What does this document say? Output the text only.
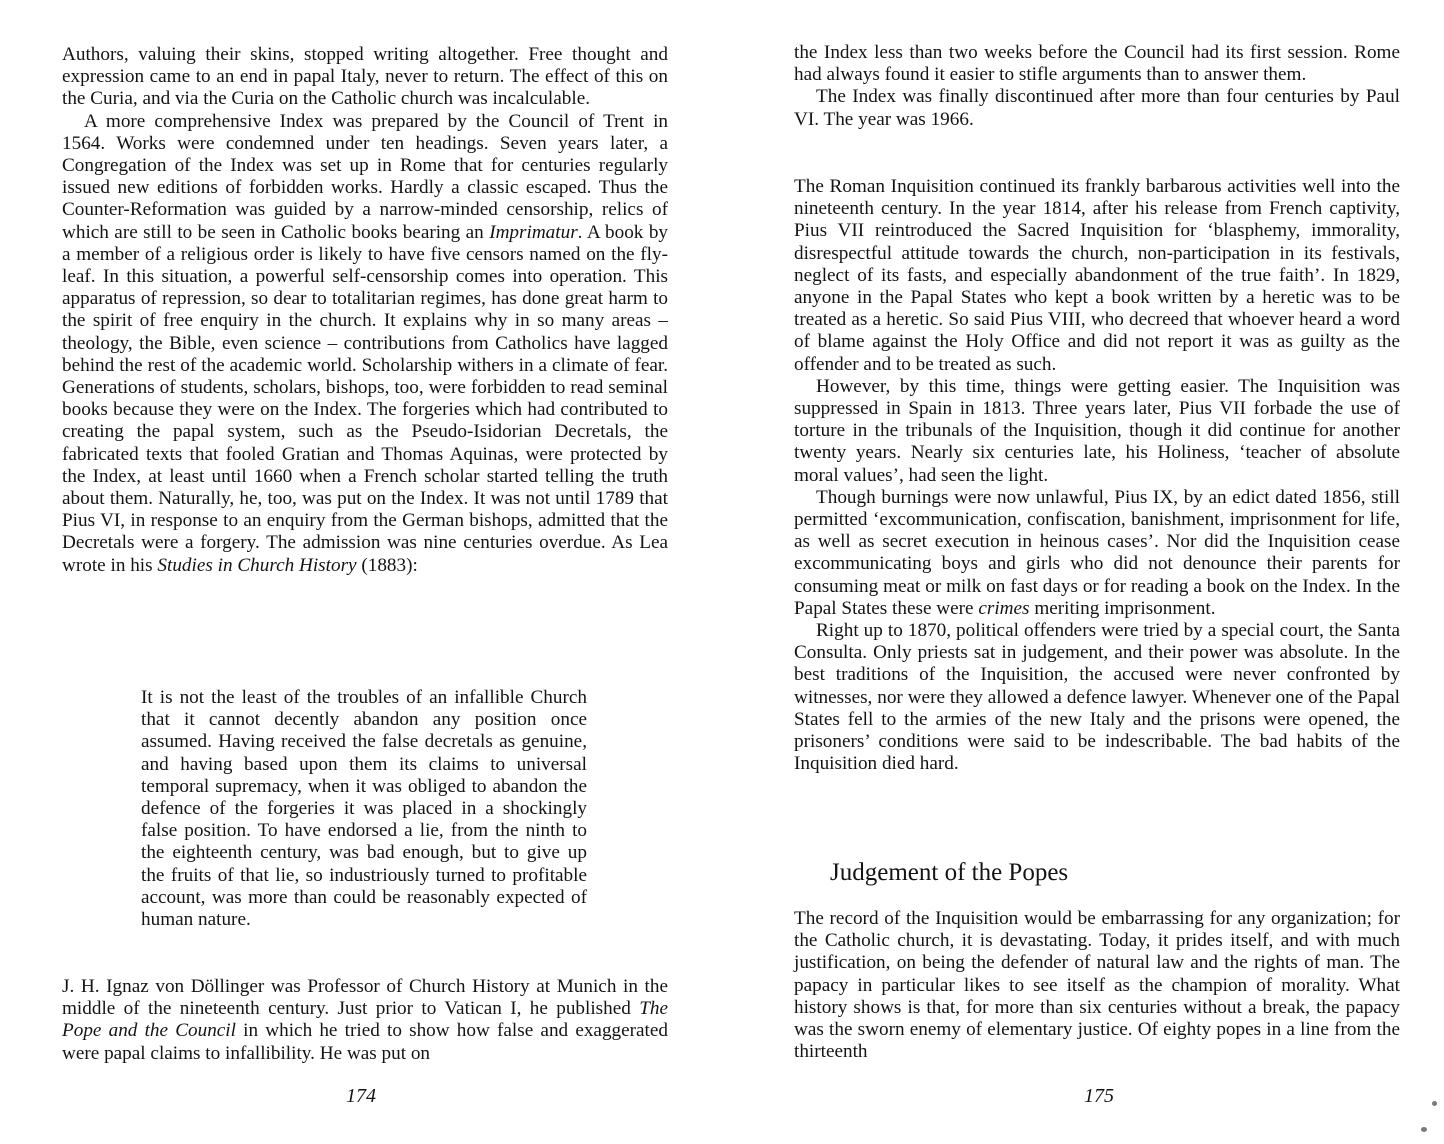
Authors, valuing their skins, stopped writing altogether. Free thought and expression came to an end in papal Italy, never to return. The effect of this on the Curia, and via the Curia on the Catholic church was incalculable.

A more comprehensive Index was prepared by the Council of Trent in 1564. Works were condemned under ten headings. Seven years later, a Congregation of the Index was set up in Rome that for centuries regularly issued new editions of forbidden works. Hardly a classic escaped. Thus the Counter-Reformation was guided by a narrow-minded censorship, relics of which are still to be seen in Catholic books bearing an Imprimatur. A book by a member of a religious order is likely to have five censors named on the fly-leaf. In this situation, a powerful self-censorship comes into operation. This apparatus of repression, so dear to totalitarian regimes, has done great harm to the spirit of free enquiry in the church. It explains why in so many areas – theology, the Bible, even science – contributions from Catholics have lagged behind the rest of the academic world. Scholarship withers in a climate of fear. Generations of students, scholars, bishops, too, were forbidden to read seminal books because they were on the Index. The forgeries which had contributed to creating the papal system, such as the Pseudo-Isidorian Decretals, the fabricated texts that fooled Gratian and Thomas Aquinas, were protected by the Index, at least until 1660 when a French scholar started telling the truth about them. Naturally, he, too, was put on the Index. It was not until 1789 that Pius VI, in response to an enquiry from the German bishops, admitted that the Decretals were a forgery. The admission was nine centuries overdue. As Lea wrote in his Studies in Church History (1883):

It is not the least of the troubles of an infallible Church that it cannot decently abandon any position once assumed. Having received the false decretals as genuine, and having based upon them its claims to universal temporal supremacy, when it was obliged to abandon the defence of the forgeries it was placed in a shockingly false position. To have endorsed a lie, from the ninth to the eighteenth century, was bad enough, but to give up the fruits of that lie, so industriously turned to profitable account, was more than could be reasonably expected of human nature.

J. H. Ignaz von Döllinger was Professor of Church History at Munich in the middle of the nineteenth century. Just prior to Vatican I, he published The Pope and the Council in which he tried to show how false and exaggerated were papal claims to infallibility. He was put on

174

the Index less than two weeks before the Council had its first session. Rome had always found it easier to stifle arguments than to answer them.

The Index was finally discontinued after more than four centuries by Paul VI. The year was 1966.

The Roman Inquisition continued its frankly barbarous activities well into the nineteenth century. In the year 1814, after his release from French captivity, Pius VII reintroduced the Sacred Inquisition for ‘blasphemy, immorality, disrespectful attitude towards the church, non-participation in its festivals, neglect of its fasts, and especially abandonment of the true faith’. In 1829, anyone in the Papal States who kept a book written by a heretic was to be treated as a heretic. So said Pius VIII, who decreed that whoever heard a word of blame against the Holy Office and did not report it was as guilty as the offender and to be treated as such.

However, by this time, things were getting easier. The Inquisition was suppressed in Spain in 1813. Three years later, Pius VII forbade the use of torture in the tribunals of the Inquisition, though it did continue for another twenty years. Nearly six centuries late, his Holiness, ‘teacher of absolute moral values’, had seen the light.

Though burnings were now unlawful, Pius IX, by an edict dated 1856, still permitted ‘excommunication, confiscation, banishment, imprisonment for life, as well as secret execution in heinous cases’. Nor did the Inquisition cease excommunicating boys and girls who did not denounce their parents for consuming meat or milk on fast days or for reading a book on the Index. In the Papal States these were crimes meriting imprisonment.

Right up to 1870, political offenders were tried by a special court, the Santa Consulta. Only priests sat in judgement, and their power was absolute. In the best traditions of the Inquisition, the accused were never confronted by witnesses, nor were they allowed a defence lawyer. Whenever one of the Papal States fell to the armies of the new Italy and the prisons were opened, the prisoners’ conditions were said to be indescribable. The bad habits of the Inquisition died hard.

Judgement of the Popes

The record of the Inquisition would be embarrassing for any organization; for the Catholic church, it is devastating. Today, it prides itself, and with much justification, on being the defender of natural law and the rights of man. The papacy in particular likes to see itself as the champion of morality. What history shows is that, for more than six centuries without a break, the papacy was the sworn enemy of elementary justice. Of eighty popes in a line from the thirteenth

175
